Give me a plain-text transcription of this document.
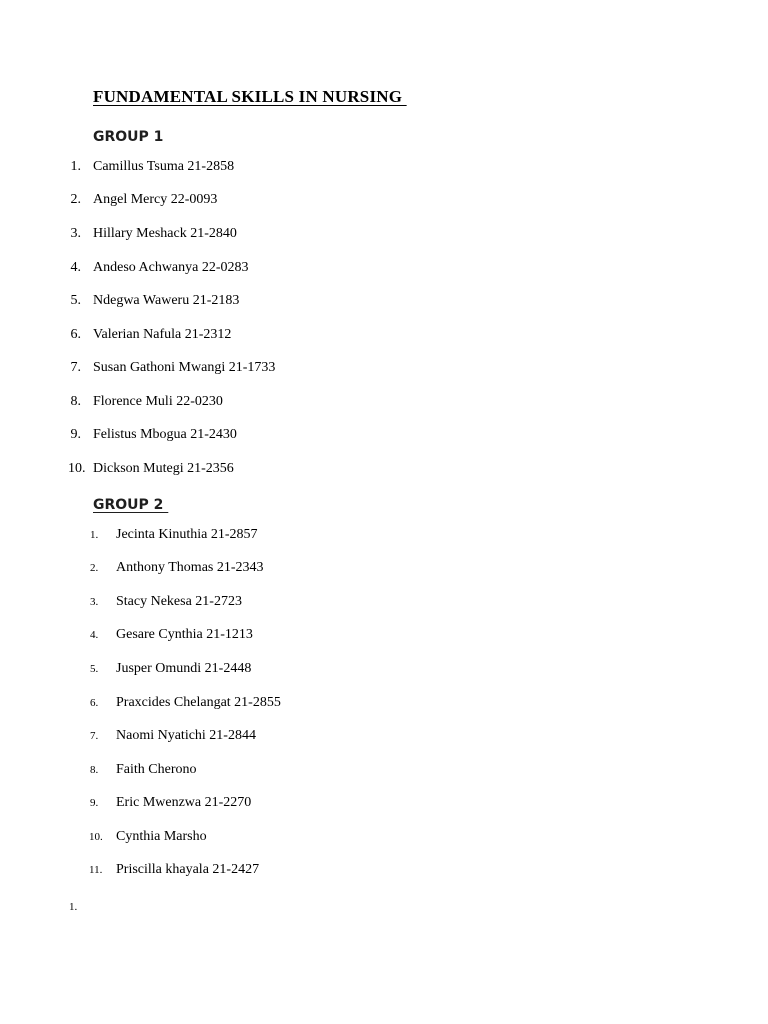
FUNDAMENTAL SKILLS IN NURSING
GROUP 1
1. Camillus Tsuma 21-2858
2. Angel Mercy 22-0093
3. Hillary Meshack 21-2840
4. Andeso Achwanya 22-0283
5. Ndegwa Waweru 21-2183
6. Valerian Nafula 21-2312
7. Susan Gathoni Mwangi 21-1733
8. Florence Muli 22-0230
9. Felistus Mbogua 21-2430
10. Dickson Mutegi 21-2356
GROUP 2
1.	Jecinta Kinuthia 21-2857
2.	Anthony Thomas 21-2343
3.	Stacy Nekesa 21-2723
4.	Gesare Cynthia 21-1213
5.	Jusper Omundi 21-2448
6.	Praxcides Chelangat 21-2855
7.	Naomi Nyatichi 21-2844
8.	Faith Cherono
9.	Eric Mwenzwa 21-2270
10. Cynthia Marsho
11. Priscilla khayala 21-2427
1.
